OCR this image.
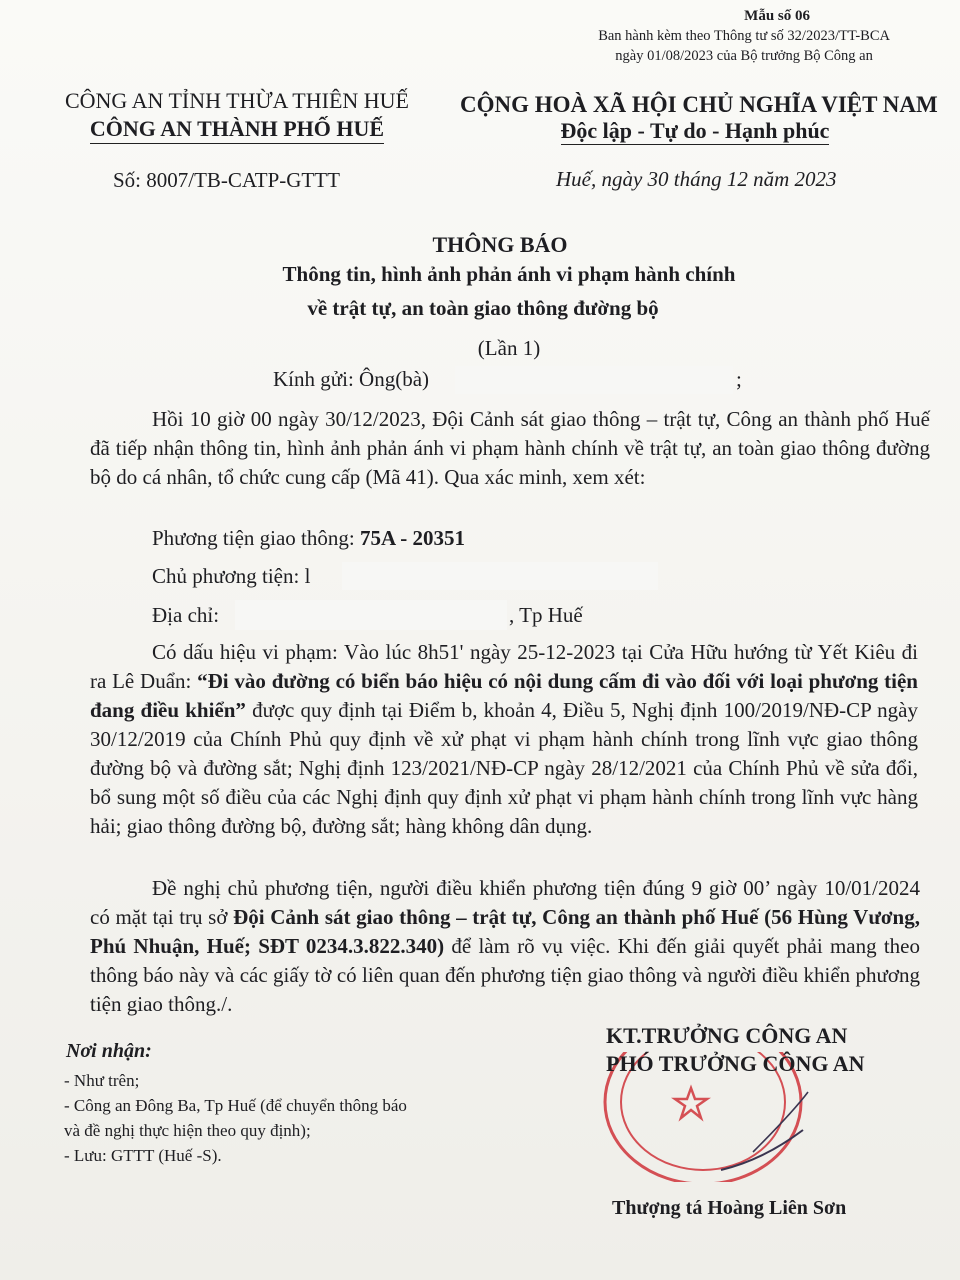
Mẫu số 06
Ban hành kèm theo Thông tư số 32/2023/TT-BCA
ngày 01/08/2023 của Bộ trưởng Bộ Công an
CÔNG AN TỈNH THỪA THIÊN HUẾ
CÔNG AN THÀNH PHỐ HUẾ
Số: 8007/TB-CATP-GTTT
CỘNG HOÀ XÃ HỘI CHỦ NGHĨA VIỆT NAM
Độc lập - Tự do - Hạnh phúc
Huế, ngày 30 tháng 12 năm 2023
THÔNG BÁO
Thông tin, hình ảnh phản ánh vi phạm hành chính
về trật tự, an toàn giao thông đường bộ
(Lần 1)
Kính gửi: Ông(bà)	;
Hồi 10 giờ 00 ngày 30/12/2023, Đội Cảnh sát giao thông – trật tự, Công an thành phố Huế đã tiếp nhận thông tin, hình ảnh phản ánh vi phạm hành chính về trật tự, an toàn giao thông đường bộ do cá nhân, tổ chức cung cấp (Mã 41). Qua xác minh, xem xét:
Phương tiện giao thông: 75A - 20351
Chủ phương tiện: l
Địa chỉ:	, Tp Huế
Có dấu hiệu vi phạm: Vào lúc 8h51' ngày 25-12-2023 tại Cửa Hữu hướng từ Yết Kiêu đi ra Lê Duẩn: “Đi vào đường có biển báo hiệu có nội dung cấm đi vào đối với loại phương tiện đang điều khiển” được quy định tại Điểm b, khoản 4, Điều 5, Nghị định 100/2019/NĐ-CP ngày 30/12/2019 của Chính Phủ quy định về xử phạt vi phạm hành chính trong lĩnh vực giao thông đường bộ và đường sắt; Nghị định 123/2021/NĐ-CP ngày 28/12/2021 của Chính Phủ về sửa đổi, bổ sung một số điều của các Nghị định quy định xử phạt vi phạm hành chính trong lĩnh vực hàng hải; giao thông đường bộ, đường sắt; hàng không dân dụng.
Đề nghị chủ phương tiện, người điều khiển phương tiện đúng 9 giờ 00’ ngày 10/01/2024 có mặt tại trụ sở Đội Cảnh sát giao thông – trật tự, Công an thành phố Huế (56 Hùng Vương, Phú Nhuận, Huế; SĐT 0234.3.822.340) để làm rõ vụ việc. Khi đến giải quyết phải mang theo thông báo này và các giấy tờ có liên quan đến phương tiện giao thông và người điều khiển phương tiện giao thông./.
Nơi nhận:
- Như trên;
- Công an Đông Ba, Tp Huế (để chuyển thông báo
và đề nghị thực hiện theo quy định);
- Lưu: GTTT (Huế -S).
KT.TRƯỞNG CÔNG AN
PHÓ TRƯỞNG CÔNG AN
Thượng tá Hoàng Liên Sơn
